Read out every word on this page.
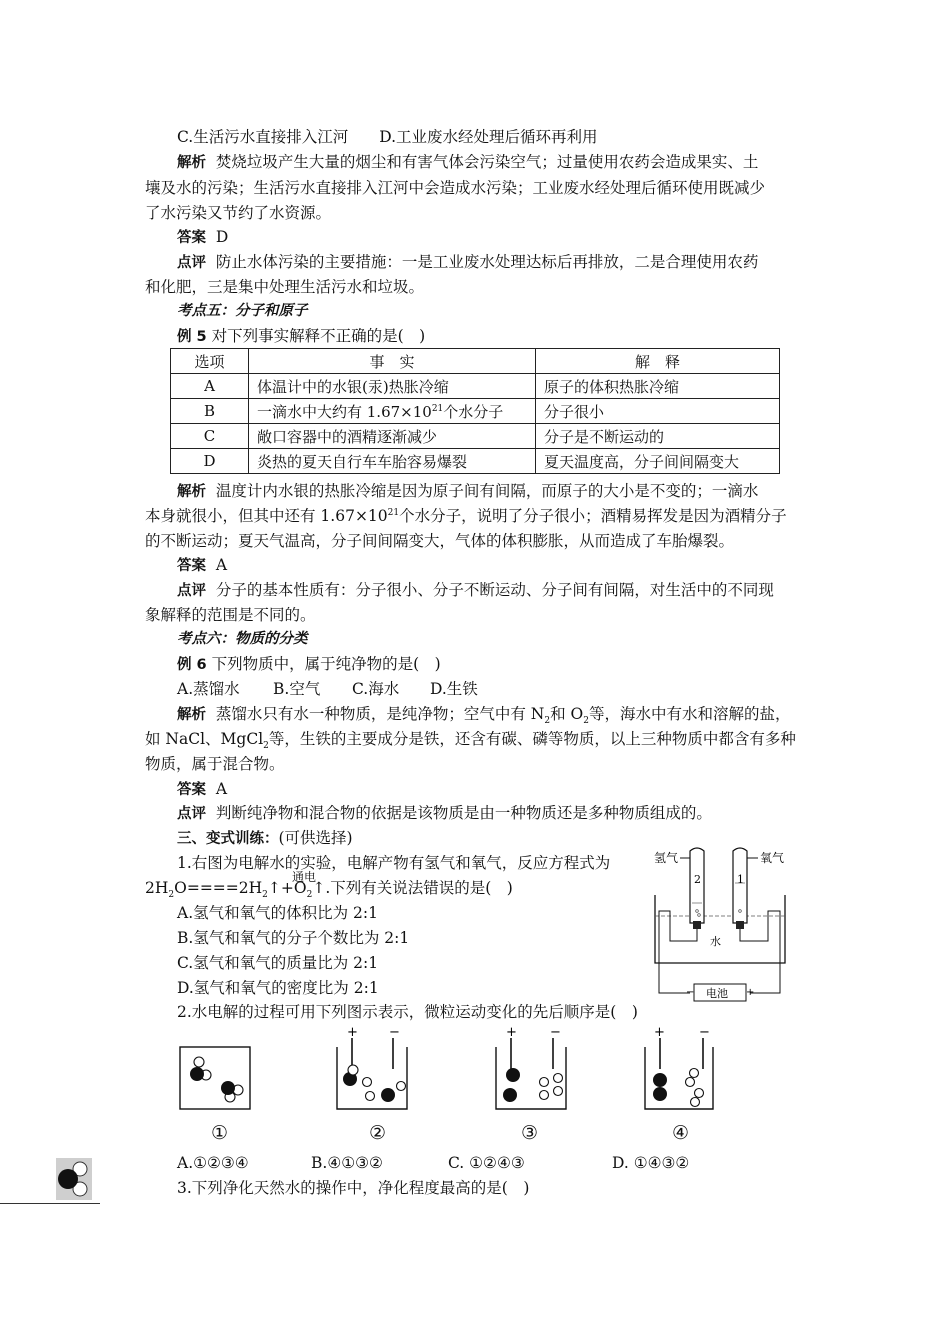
C.生活污水直接排入江河　　D.工业废水经处理后循环再利用
解析 焚烧垃圾产生大量的烟尘和有害气体会污染空气；过量使用农药会造成果实、土
壤及水的污染；生活污水直接排入江河中会造成水污染；工业废水经处理后循环使用既减少
了水污染又节约了水资源。
答案 D
点评 防止水体污染的主要措施：一是工业废水处理达标后再排放，二是合理使用农药
和化肥，三是集中处理生活污水和垃圾。
考点五：分子和原子
例 5 对下列事实解释不正确的是(　)
选项	事　实	解　释
A	体温计中的水银(汞)热胀冷缩	原子的体积热胀冷缩
B	一滴水中大约有 $1.67\times 10^{21}$个水分子	分子很小
C	敞口容器中的酒精逐渐减少	分子是不断运动的
D	炎热的夏天自行车车胎容易爆裂	夏天温度高，分子间间隔变大
解析 温度计内水银的热胀冷缩是因为原子间有间隔，而原子的大小是不变的；一滴水
本身就很小，但其中还有 $1.67\times 10^{21}$个水分子，说明了分子很小；酒精易挥发是因为酒精分子
的不断运动；夏天气温高，分子间间隔变大，气体的体积膨胀，从而造成了车胎爆裂。
答案 A
点评 分子的基本性质有：分子很小、分子不断运动、分子间有间隔，对生活中的不同现
象解释的范围是不同的。
考点六：物质的分类
例 6 下列物质中，属于纯净物的是(　)
A.蒸馏水 B.空气 C.海水 D.生铁
解析 蒸馏水只有水一种物质，是纯净物；空气中有 $N_2$和 $O_2$等，海水中有水和溶解的盐，
如 NaCl、MgCl$_2$等，生铁的主要成分是铁，还含有碳、磷等物质，以上三种物质中都含有多种
物质，属于混合物。
答案 A
点评 判断纯净物和混合物的依据是该物质是由一种物质还是多种物质组成的。
三、变式训练：(可供选择)
1.右图为电解水的实验，电解产物有氢气和氧气，反应方程式为
通电
$2H_2O====2H_2↑+O_2↑$.下列有关说法错误的是(　)
A.氢气和氧气的体积比为 2:1
B.氢气和氧气的分子个数比为 2:1
C.氢气和氧气的质量比为 2:1
D.氢气和氧气的密度比为 2:1
氢气	氧气
2	1
水
电池
−	+
2.水电解的过程可用下列图示表示，微粒运动变化的先后顺序是(　)
+ −	+	−	+	−
①	②	③	④
A.①②③④	B.④①③②	C. ①②④③	D. ①④③②
3.下列净化天然水的操作中，净化程度最高的是(　)
